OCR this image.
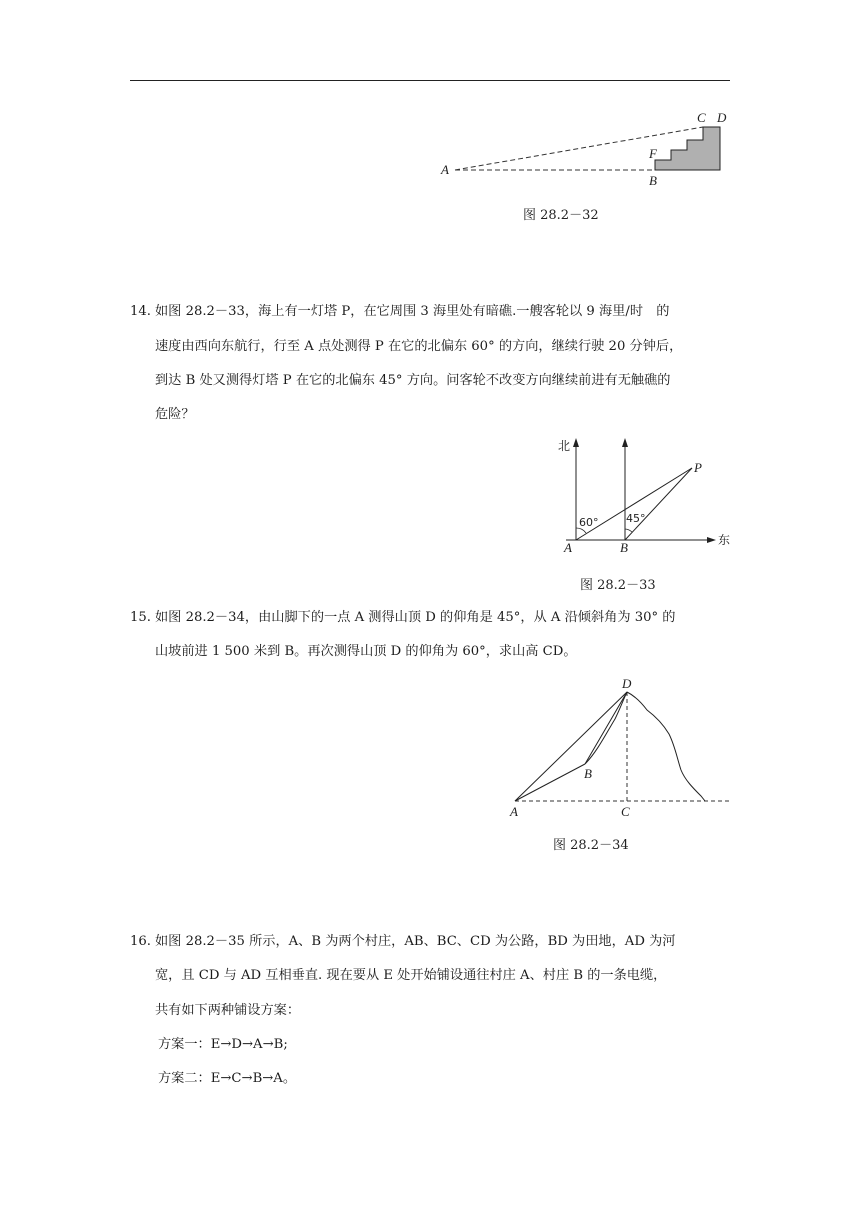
A
B
C D
F
图 28.2－32
14. 如图 28.2－33，海上有一灯塔 P，在它周围 3 海里处有暗礁.一艘客轮以 9 海里/时　的
速度由西向东航行，行至 A 点处测得 P 在它的北偏东 60° 的方向，继续行驶 20 分钟后，
到达 B 处又测得灯塔 P 在它的北偏东 45° 方向。问客轮不改变方向继续前进有无触礁的
危险？
北
东
A	B
P
60°	45°
图 28.2－33
15. 如图 28.2－34，由山脚下的一点 A 测得山顶 D 的仰角是 45°，从 A 沿倾斜角为 30° 的
山坡前进 1 500 米到 B。再次测得山顶 D 的仰角为 60°，求山高 CD。
A
B
C
D
图 28.2－34
16. 如图 28.2－35 所示，A、B 为两个村庄，AB、BC、CD 为公路，BD 为田地，AD 为河
宽，且 CD 与 AD 互相垂直. 现在要从 E 处开始铺设通往村庄 A、村庄 B 的一条电缆，
共有如下两种铺设方案：
方案一：E→D→A→B;
方案二：E→C→B→A。
